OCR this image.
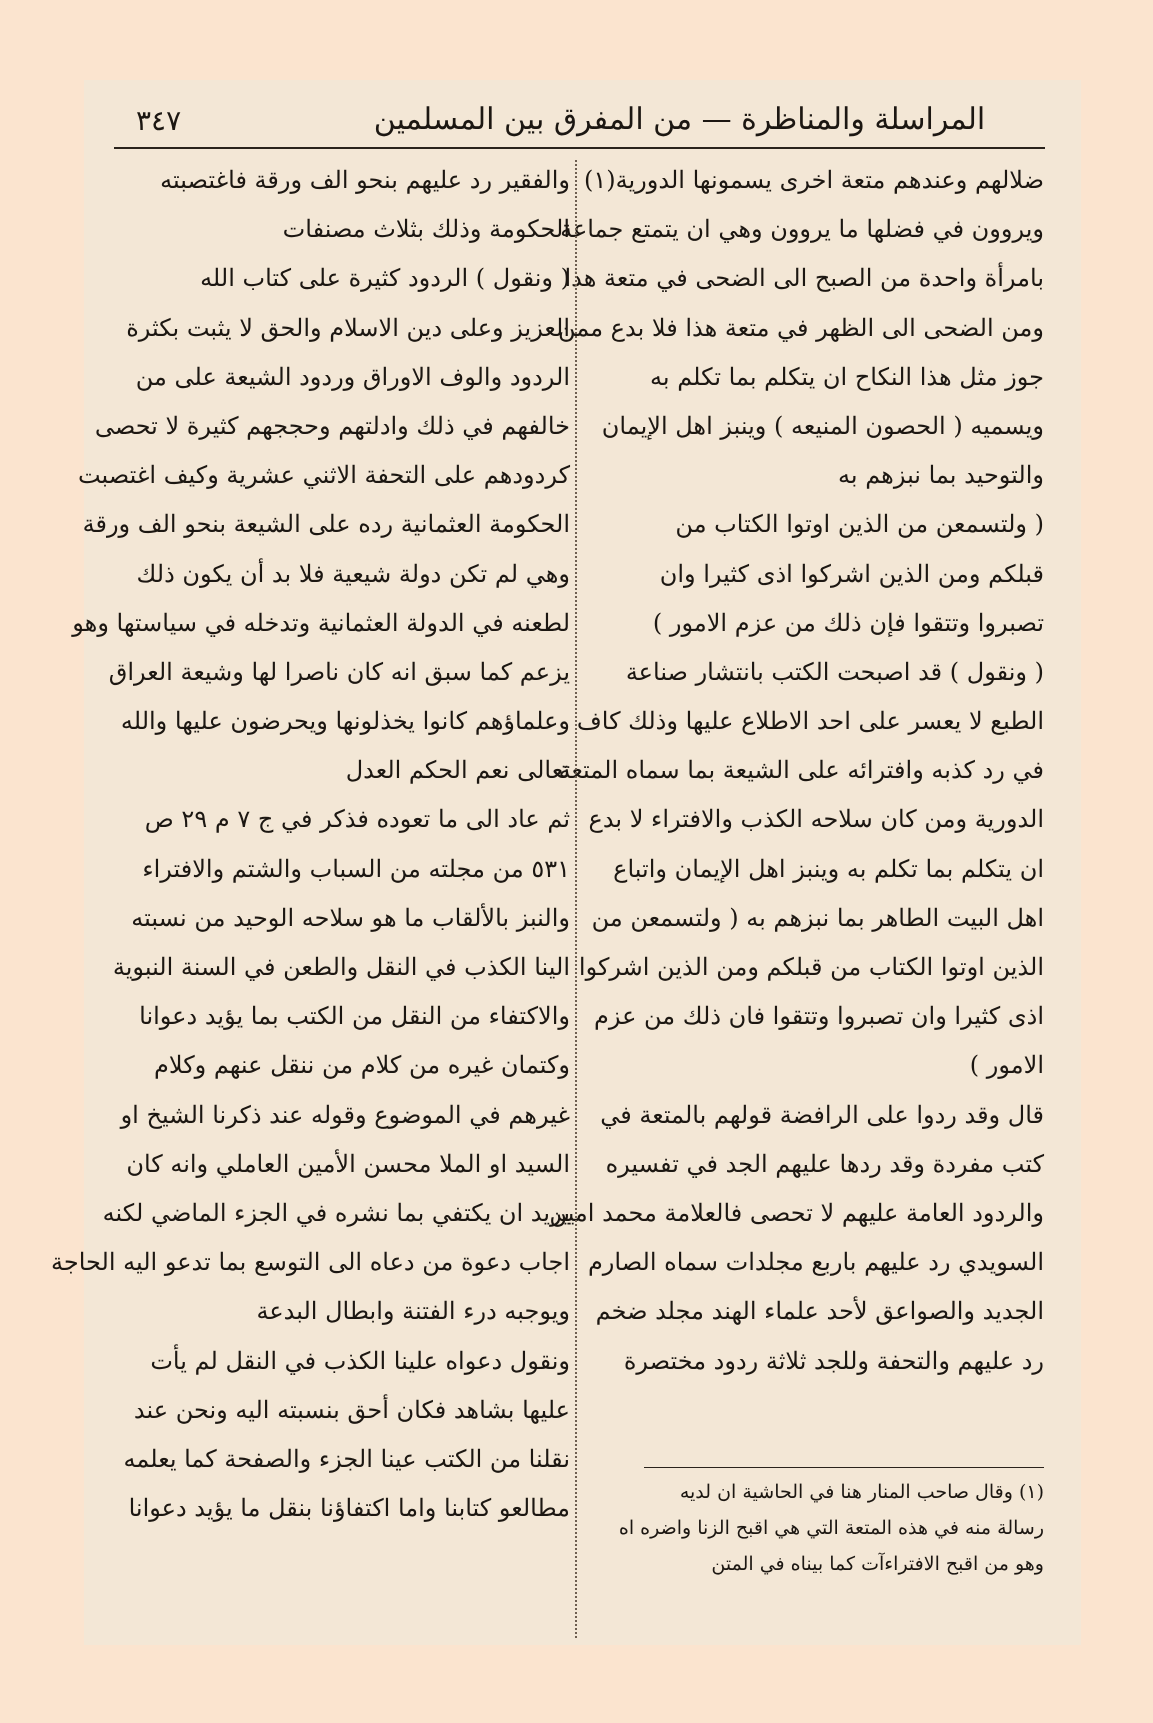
المراسلة والمناظرة — من المفرق بين المسلمين
٣٤٧
ضلالهم وعندهم متعة اخرى يسمونها الدورية(١)
ويروون في فضلها ما يروون وهي ان يتمتع جماعة
بامرأة واحدة من الصبح الى الضحى في متعة هذا
ومن الضحى الى الظهر في متعة هذا فلا بدع ممن
جوز مثل هذا النكاح ان يتكلم بما تكلم به
ويسميه ( الحصون المنيعه ) وينبز اهل الإيمان
والتوحيد بما نبزهم به
( ولتسمعن من الذين اوتوا الكتاب من
قبلكم ومن الذين اشركوا اذى كثيرا وان
تصبروا وتتقوا فإن ذلك من عزم الامور )
( ونقول ) قد اصبحت الكتب بانتشار صناعة
الطبع لا يعسر على احد الاطلاع عليها وذلك كاف
في رد كذبه وافترائه على الشيعة بما سماه المتعة
الدورية ومن كان سلاحه الكذب والافتراء لا بدع
ان يتكلم بما تكلم به وينبز اهل الإيمان واتباع
اهل البيت الطاهر بما نبزهم به ( ولتسمعن من
الذين اوتوا الكتاب من قبلكم ومن الذين اشركوا
اذى كثيرا وان تصبروا وتتقوا فان ذلك من عزم
الامور )
قال وقد ردوا على الرافضة قولهم بالمتعة في
كتب مفردة وقد ردها عليهم الجد في تفسيره
والردود العامة عليهم لا تحصى فالعلامة محمد امين
السويدي رد عليهم باربع مجلدات سماه الصارم
الجديد والصواعق لأحد علماء الهند مجلد ضخم
رد عليهم والتحفة وللجد ثلاثة ردود مختصرة
والفقير رد عليهم بنحو الف ورقة فاغتصبته
الحكومة وذلك بثلاث مصنفات
( ونقول ) الردود كثيرة على كتاب الله
العزيز وعلى دين الاسلام والحق لا يثبت بكثرة
الردود والوف الاوراق وردود الشيعة على من
خالفهم في ذلك وادلتهم وحججهم كثيرة لا تحصى
كردودهم على التحفة الاثني عشرية وكيف اغتصبت
الحكومة العثمانية رده على الشيعة بنحو الف ورقة
وهي لم تكن دولة شيعية فلا بد أن يكون ذلك
لطعنه في الدولة العثمانية وتدخله في سياستها وهو
يزعم كما سبق انه كان ناصرا لها وشيعة العراق
وعلماؤهم كانوا يخذلونها ويحرضون عليها والله
تعالى نعم الحكم العدل
ثم عاد الى ما تعوده فذكر في ج ٧ م ٢٩ ص
٥٣١ من مجلته من السباب والشتم والافتراء
والنبز بالألقاب ما هو سلاحه الوحيد من نسبته
الينا الكذب في النقل والطعن في السنة النبوية
والاكتفاء من النقل من الكتب بما يؤيد دعوانا
وكتمان غيره من كلام من ننقل عنهم وكلام
غيرهم في الموضوع وقوله عند ذكرنا الشيخ او
السيد او الملا محسن الأمين العاملي وانه كان
يريد ان يكتفي بما نشره في الجزء الماضي لكنه
اجاب دعوة من دعاه الى التوسع بما تدعو اليه الحاجة
ويوجبه درء الفتنة وابطال البدعة
ونقول دعواه علينا الكذب في النقل لم يأت
عليها بشاهد فكان أحق بنسبته اليه ونحن عند
نقلنا من الكتب عينا الجزء والصفحة كما يعلمه
مطالعو كتابنا واما اكتفاؤنا بنقل ما يؤيد دعوانا
(١) وقال صاحب المنار هنا في الحاشية ان لديه
رسالة منه في هذه المتعة التي هي اقبح الزنا واضره اه
وهو من اقبح الافتراءآت كما بيناه في المتن
